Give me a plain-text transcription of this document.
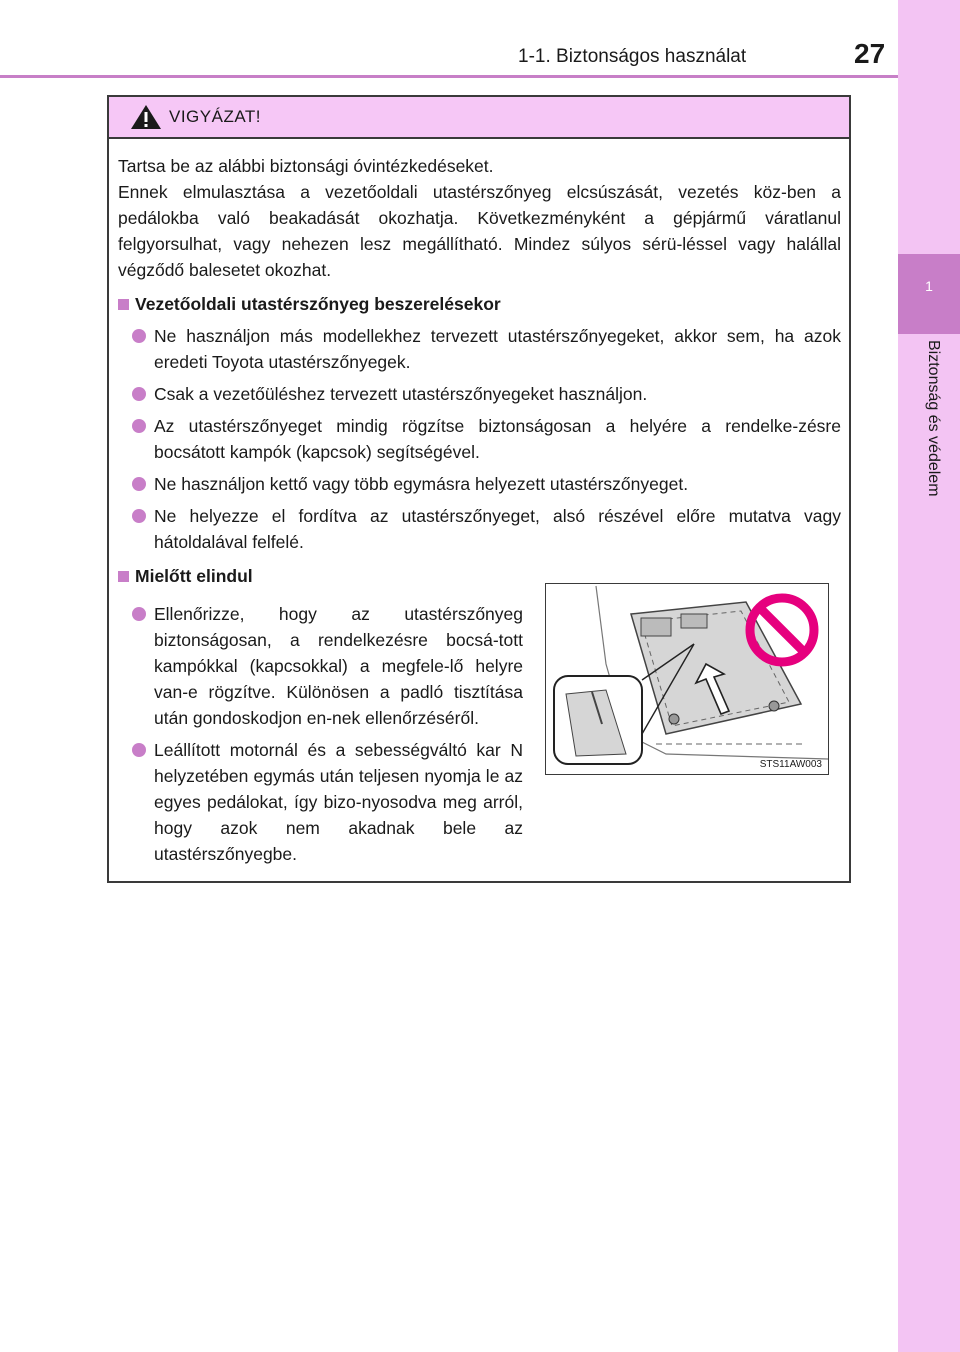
1-1. Biztonságos használat	27
1
Biztonság és védelem
VIGYÁZAT!

Tartsa be az alábbi biztonsági óvintézkedéseket.
Ennek elmulasztása a vezetőoldali utastérszőnyeg elcsúszását, vezetés köz-ben a pedálokba való beakadását okozhatja. Következményként a gépjármű váratlanul felgyorsulhat, vagy nehezen lesz megállítható. Mindez súlyos sérü-léssel vagy halállal végződő balesetet okozhat.

Vezetőoldali utastérszőnyeg beszerelésekor
Ne használjon más modellekhez tervezett utastérszőnyegeket, akkor sem, ha azok eredeti Toyota utastérszőnyegek.
Csak a vezetőüléshez tervezett utastérszőnyegeket használjon.
Az utastérszőnyeget mindig rögzítse biztonságosan a helyére a rendelke-zésre bocsátott kampók (kapcsok) segítségével.
Ne használjon kettő vagy több egymásra helyezett utastérszőnyeget.
Ne helyezze el fordítva az utastérszőnyeget, alsó részével előre mutatva vagy hátoldalával felfelé.
Mielőtt elindul
Ellenőrizze, hogy az utastérszőnyeg biztonságosan, a rendelkezésre bocsá-tott kampókkal (kapcsokkal) a megfele-lő helyre van-e rögzítve. Különösen a padló tisztítása után gondoskodjon en-nek ellenőrzéséről.
Leállított motornál és a sebességváltó kar N helyzetében egymás után teljesen nyomja le az egyes pedálokat, így bizo-nyosodva meg arról, hogy azok nem akadnak bele az utastérszőnyegbe.
STS11AW003
